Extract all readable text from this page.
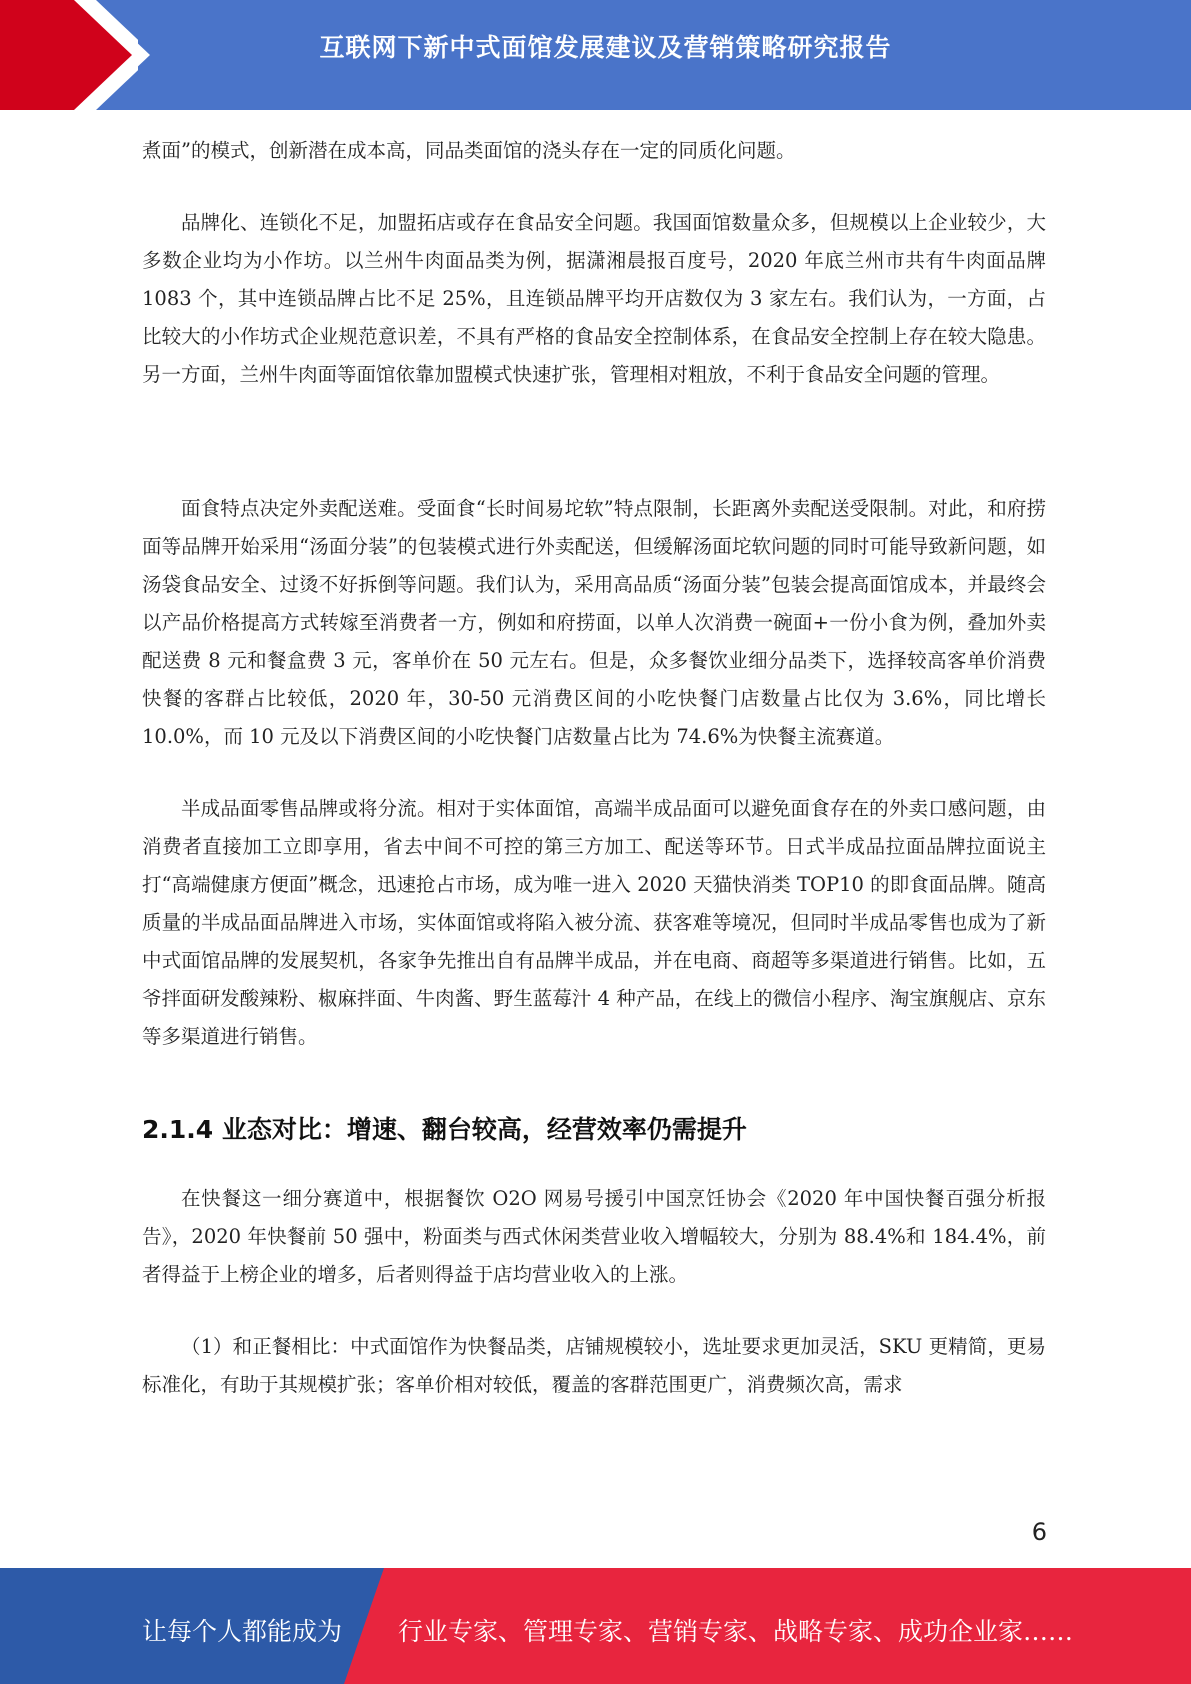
互联网下新中式面馆发展建议及营销策略研究报告

煮面”的模式，创新潜在成本高，同品类面馆的浇头存在一定的同质化问题。

品牌化、连锁化不足，加盟拓店或存在食品安全问题。我国面馆数量众多，但规模以上企业较少，大多数企业均为小作坊。以兰州牛肉面品类为例，据潇湘晨报百度号，2020 年底兰州市共有牛肉面品牌 1083 个，其中连锁品牌占比不足 25%，且连锁品牌平均开店数仅为 3 家左右。我们认为，一方面，占比较大的小作坊式企业规范意识差，不具有严格的食品安全控制体系，在食品安全控制上存在较大隐患。另一方面，兰州牛肉面等面馆依靠加盟模式快速扩张，管理相对粗放，不利于食品安全问题的管理。

面食特点决定外卖配送难。受面食“长时间易坨软”特点限制，长距离外卖配送受限制。对此，和府捞面等品牌开始采用“汤面分装”的包装模式进行外卖配送，但缓解汤面坨软问题的同时可能导致新问题，如汤袋食品安全、过烫不好拆倒等问题。我们认为，采用高品质“汤面分装”包装会提高面馆成本，并最终会以产品价格提高方式转嫁至消费者一方，例如和府捞面，以单人次消费一碗面+一份小食为例，叠加外卖配送费 8 元和餐盒费 3 元，客单价在 50 元左右。但是，众多餐饮业细分品类下，选择较高客单价消费快餐的客群占比较低，2020 年，30-50 元消费区间的小吃快餐门店数量占比仅为 3.6%，同比增长 10.0%，而 10 元及以下消费区间的小吃快餐门店数量占比为 74.6%为快餐主流赛道。

半成品面零售品牌或将分流。相对于实体面馆，高端半成品面可以避免面食存在的外卖口感问题，由消费者直接加工立即享用，省去中间不可控的第三方加工、配送等环节。日式半成品拉面品牌拉面说主打“高端健康方便面”概念，迅速抢占市场，成为唯一进入 2020 天猫快消类 TOP10 的即食面品牌。随高质量的半成品面品牌进入市场，实体面馆或将陷入被分流、获客难等境况，但同时半成品零售也成为了新中式面馆品牌的发展契机，各家争先推出自有品牌半成品，并在电商、商超等多渠道进行销售。比如，五爷拌面研发酸辣粉、椒麻拌面、牛肉酱、野生蓝莓汁 4 种产品，在线上的微信小程序、淘宝旗舰店、京东等多渠道进行销售。

2.1.4 业态对比：增速、翻台较高，经营效率仍需提升

在快餐这一细分赛道中，根据餐饮 O2O 网易号援引中国烹饪协会《2020 年中国快餐百强分析报告》，2020 年快餐前 50 强中，粉面类与西式休闲类营业收入增幅较大，分别为 88.4%和 184.4%，前者得益于上榜企业的增多，后者则得益于店均营业收入的上涨。

（1）和正餐相比：中式面馆作为快餐品类，店铺规模较小，选址要求更加灵活，SKU 更精简，更易标准化，有助于其规模扩张；客单价相对较低，覆盖的客群范围更广，消费频次高，需求

6
让每个人都能成为 行业专家、管理专家、营销专家、战略专家、成功企业家……
